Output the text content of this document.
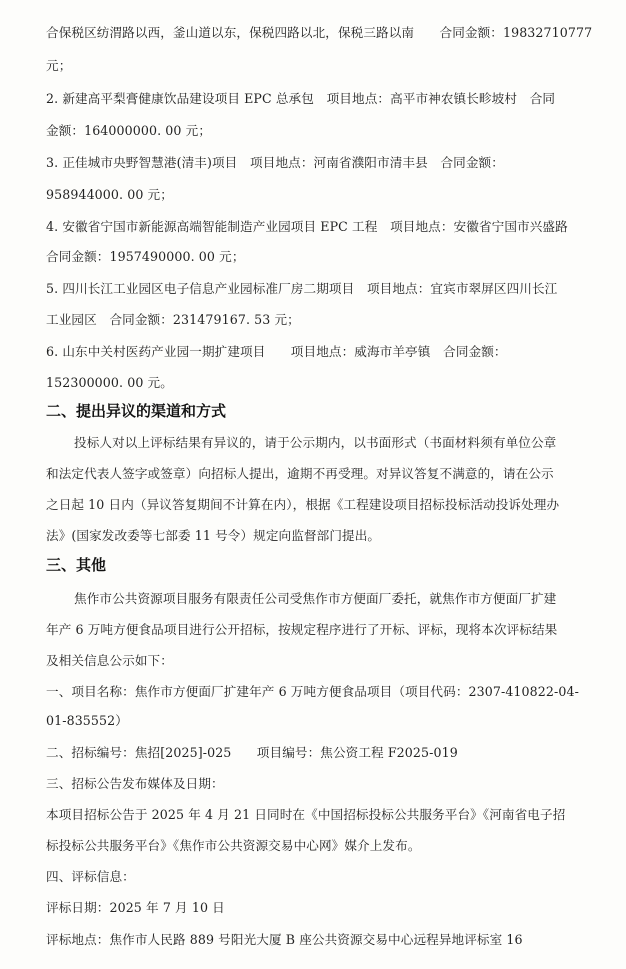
合保税区纺渭路以西，釜山道以东，保税四路以北，保税三路以南　　合同金额：19832710777
元；
2. 新建高平梨膏健康饮品建设项目 EPC 总承包　项目地点：高平市神农镇长畛坡村　合同
金额：164000000. 00 元；
3. 正佳城市央野智慧港(清丰)项目　项目地点：河南省濮阳市清丰县　合同金额：
958944000. 00 元；
4. 安徽省宁国市新能源高端智能制造产业园项目 EPC 工程　项目地点：安徽省宁国市兴盛路
合同金额：1957490000. 00 元；
5. 四川长江工业园区电子信息产业园标准厂房二期项目　项目地点：宜宾市翠屏区四川长江
工业园区　合同金额：231479167. 53 元；
6. 山东中关村医药产业园一期扩建项目　　项目地点：威海市羊亭镇　合同金额：
152300000. 00 元。
二、提出异议的渠道和方式
投标人对以上评标结果有异议的，请于公示期内，以书面形式（书面材料须有单位公章
和法定代表人签字或签章）向招标人提出，逾期不再受理。对异议答复不满意的，请在公示
之日起 10 日内（异议答复期间不计算在内），根据《工程建设项目招标投标活动投诉处理办
法》(国家发改委等七部委 11 号令）规定向监督部门提出。
三、其他
焦作市公共资源项目服务有限责任公司受焦作市方便面厂委托，就焦作市方便面厂扩建
年产 6 万吨方便食品项目进行公开招标，按规定程序进行了开标、评标，现将本次评标结果
及相关信息公示如下：
一、项目名称：焦作市方便面厂扩建年产 6 万吨方便食品项目（项目代码：2307-410822-04-
01-835552）
二、招标编号：焦招[2025]-025　　项目编号：焦公资工程 F2025-019
三、招标公告发布媒体及日期：
本项目招标公告于 2025 年 4 月 21 日同时在《中国招标投标公共服务平台》《河南省电子招
标投标公共服务平台》《焦作市公共资源交易中心网》媒介上发布。
四、评标信息：
评标日期：2025 年 7 月 10 日
评标地点：焦作市人民路 889 号阳光大厦 B 座公共资源交易中心远程异地评标室 16
